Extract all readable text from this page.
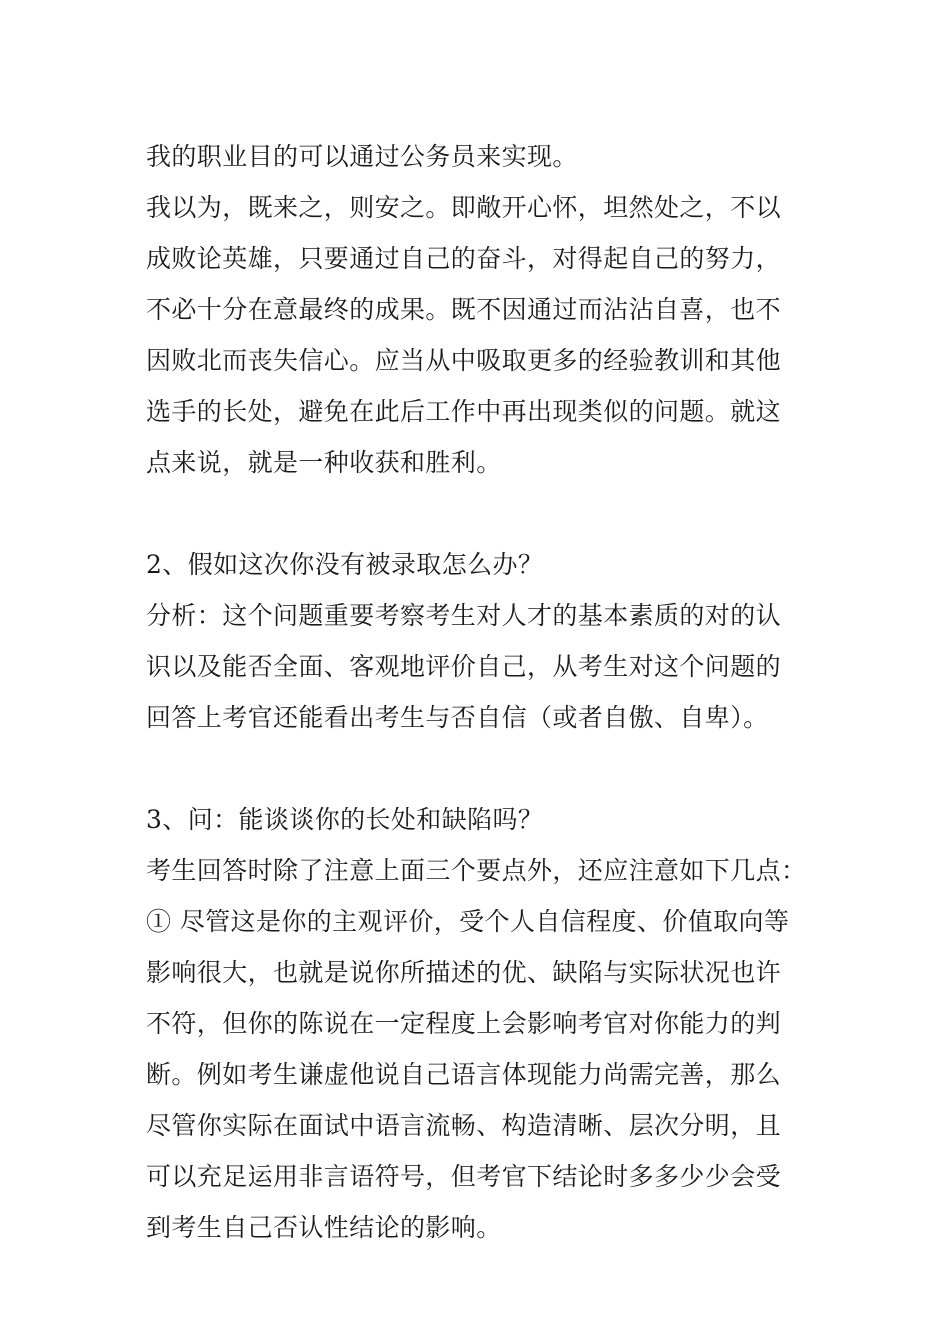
我的职业目的可以通过公务员来实现。
我以为，既来之，则安之。即敞开心怀，坦然处之，不以
成败论英雄，只要通过自己的奋斗，对得起自己的努力，
不必十分在意最终的成果。既不因通过而沾沾自喜，也不
因败北而丧失信心。应当从中吸取更多的经验教训和其他
选手的长处，避免在此后工作中再出现类似的问题。就这
点来说，就是一种收获和胜利。
2、假如这次你没有被录取怎么办？
分析：这个问题重要考察考生对人才的基本素质的对的认
识以及能否全面、客观地评价自己，从考生对这个问题的
回答上考官还能看出考生与否自信（或者自傲、自卑）。
3、问：能谈谈你的长处和缺陷吗？
考生回答时除了注意上面三个要点外，还应注意如下几点：
① 尽管这是你的主观评价，受个人自信程度、价值取向等
影响很大，也就是说你所描述的优、缺陷与实际状况也许
不符，但你的陈说在一定程度上会影响考官对你能力的判
断。例如考生谦虚他说自己语言体现能力尚需完善，那么
尽管你实际在面试中语言流畅、构造清晰、层次分明，且
可以充足运用非言语符号，但考官下结论时多多少少会受
到考生自己否认性结论的影响。
